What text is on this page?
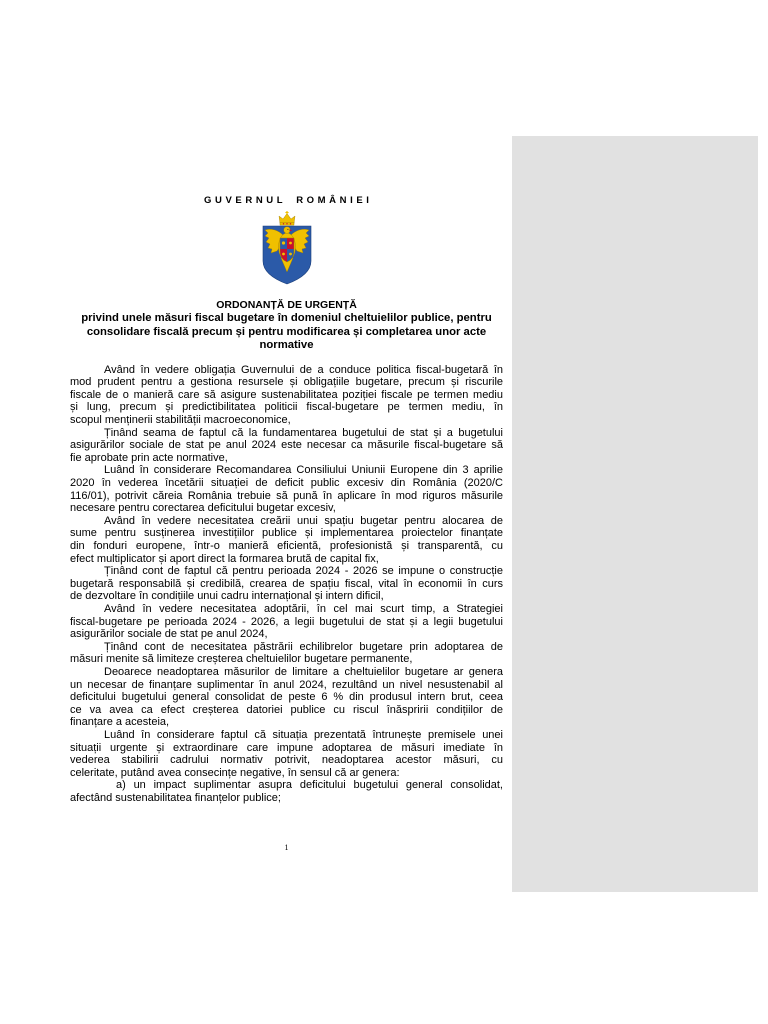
GUVERNUL ROMÂNIEI
ORDONANȚĂ DE URGENȚĂ
privind unele măsuri fiscal bugetare în domeniul cheltuielilor publice, pentru
consolidare fiscală precum și pentru modificarea și completarea unor acte
normative
Având în vedere obligația Guvernului de a conduce politica fiscal-bugetară în
mod prudent pentru a gestiona resursele și obligațiile bugetare, precum și riscurile
fiscale de o manieră care să asigure sustenabilitatea poziției fiscale pe termen mediu
și lung, precum și predictibilitatea politicii fiscal-bugetare pe termen mediu, în
scopul menținerii stabilității macroeconomice,
Ținând seama de faptul că la fundamentarea bugetului de stat și a bugetului
asigurărilor sociale de stat pe anul 2024 este necesar ca măsurile fiscal-bugetare să
fie aprobate prin acte normative,
Luând în considerare Recomandarea Consiliului Uniunii Europene din 3 aprilie
2020 în vederea încetării situației de deficit public excesiv din România (2020/C
116/01), potrivit căreia România trebuie să pună în aplicare în mod riguros măsurile
necesare pentru corectarea deficitului bugetar excesiv,
Având în vedere necesitatea creării unui spațiu bugetar pentru alocarea de
sume pentru susținerea investițiilor publice și implementarea proiectelor finanțate
din fonduri europene, într-o manieră eficientă, profesionistă și transparentă, cu
efect multiplicator și aport direct la formarea brută de capital fix,
Ținând cont de faptul că pentru perioada 2024 - 2026 se impune o construcție
bugetară responsabilă și credibilă, crearea de spațiu fiscal, vital în economii în curs
de dezvoltare în condițiile unui cadru internațional și intern dificil,
Având în vedere necesitatea adoptării, în cel mai scurt timp, a Strategiei
fiscal-bugetare pe perioada 2024 - 2026, a legii bugetului de stat și a legii bugetului
asigurărilor sociale de stat pe anul 2024,
Ținând cont de necesitatea păstrării echilibrelor bugetare prin adoptarea de
măsuri menite să limiteze creșterea cheltuielilor bugetare permanente,
Deoarece neadoptarea măsurilor de limitare a cheltuielilor bugetare ar genera
un necesar de finanțare suplimentar în anul 2024, rezultând un nivel nesustenabil al
deficitului bugetului general consolidat de peste 6 % din produsul intern brut, ceea
ce va avea ca efect creșterea datoriei publice cu riscul înăspririi condițiilor de
finanțare a acesteia,
Luând în considerare faptul că situația prezentată întrunește premisele unei
situații urgente și extraordinare care impune adoptarea de măsuri imediate în
vederea stabilirii cadrului normativ potrivit, neadoptarea acestor măsuri, cu
celeritate, putând avea consecințe negative, în sensul că ar genera:
a) un impact suplimentar asupra deficitului bugetului general consolidat,
afectând sustenabilitatea finanțelor publice;
1
